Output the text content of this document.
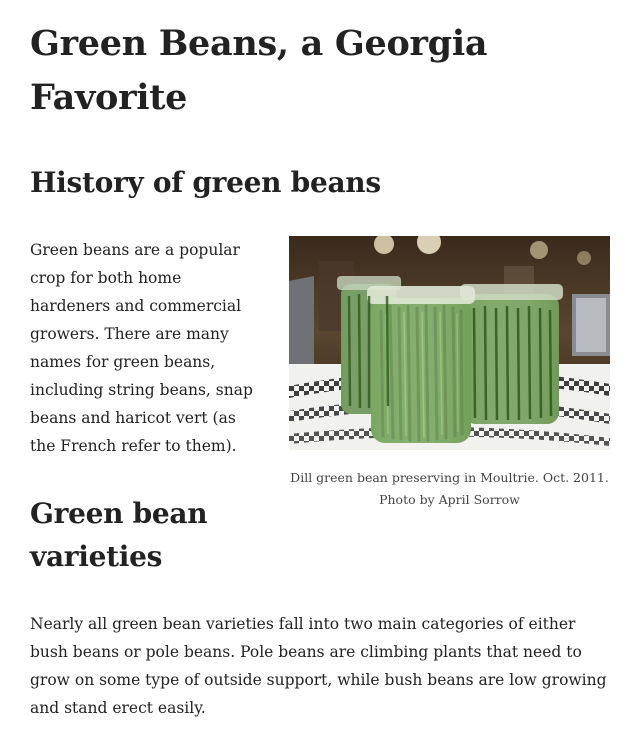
Green Beans, a Georgia Favorite
History of green beans

Green beans are a popular crop for both home hardeners and commercial growers. There are many names for green beans, including string beans, snap beans and haricot vert (as the French refer to them).

Dill green bean preserving in Moultrie. Oct. 2011. Photo by April Sorrow
Green bean varieties

Nearly all green bean varieties fall into two main categories of either bush beans or pole beans. Pole beans are climbing plants that need to grow on some type of outside support, while bush beans are low growing and stand erect easily.
